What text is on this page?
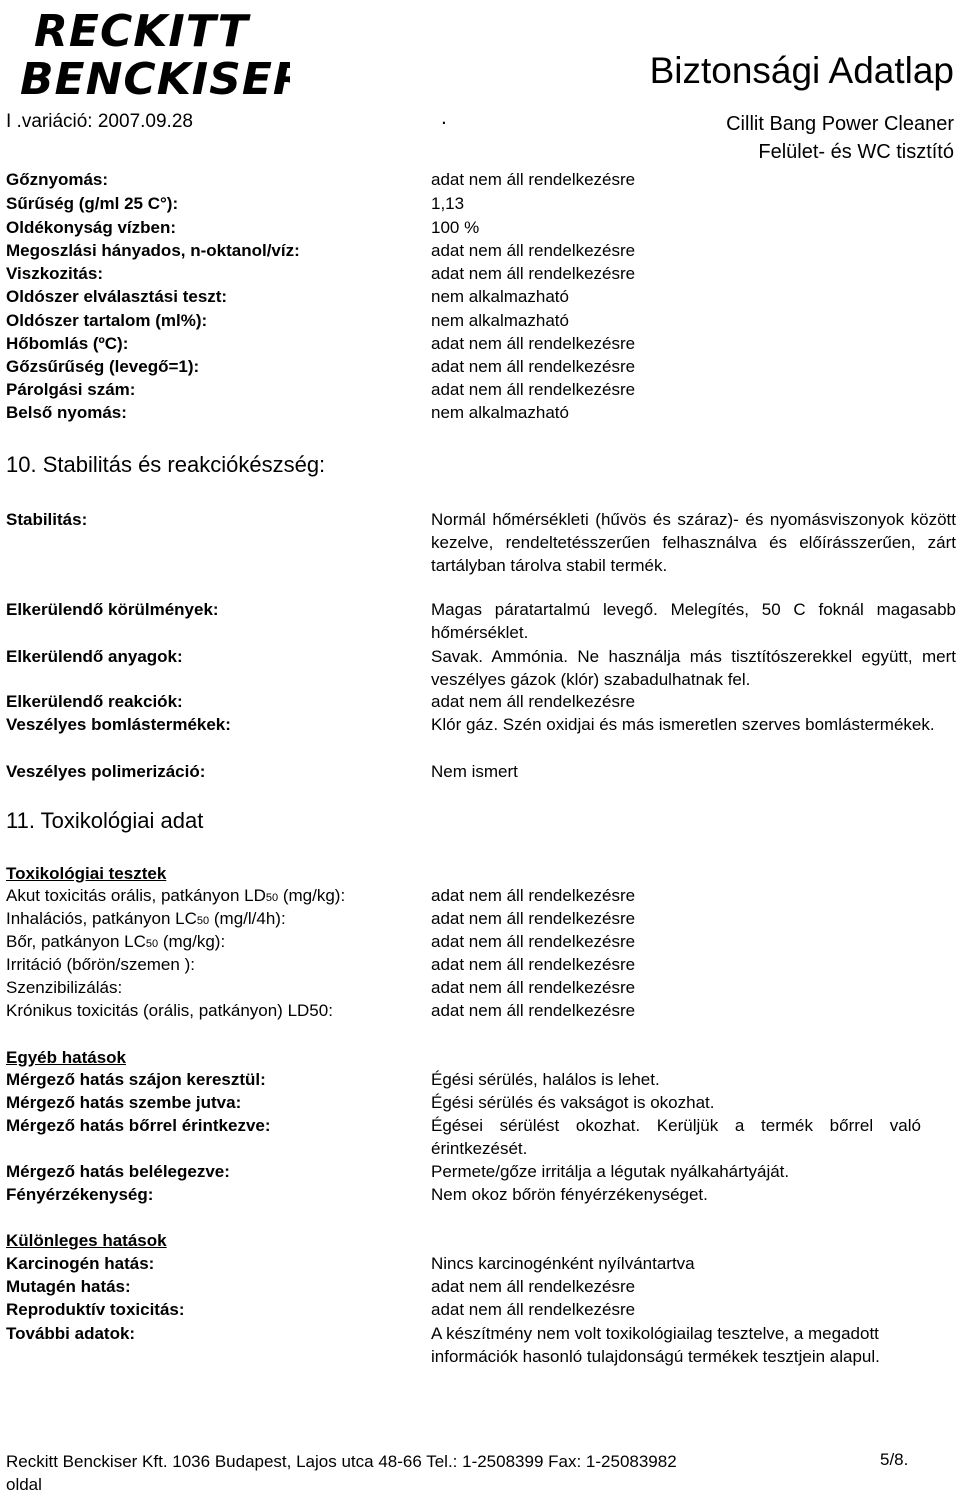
RECKITT
BENCKISER	Biztonsági Adatlap
I .variáció: 2007.09.28	.	Cillit Bang Power Cleaner
Felület- és WC tisztító
Gőznyomás:	adat nem áll rendelkezésre
Sűrűség (g/ml 25 C°):	1,13
Oldékonyság vízben:	100 %
Megoszlási hányados, n-oktanol/víz:	adat nem áll rendelkezésre
Viszkozitás:	adat nem áll rendelkezésre
Oldószer elválasztási teszt:	nem alkalmazható
Oldószer tartalom (ml%):	nem alkalmazható
Hőbomlás (ºC):	adat nem áll rendelkezésre
Gőzsűrűség (levegő=1):	adat nem áll rendelkezésre
Párolgási szám:	adat nem áll rendelkezésre
Belső nyomás:	nem alkalmazható
10. Stabilitás és reakciókészség:
Stabilitás:	Normál hőmérsékleti (hűvös és száraz)- és nyomásviszonyok között kezelve, rendeltetésszerűen felhasználva és előírásszerűen, zárt tartályban tárolva stabil termék.
Elkerülendő körülmények:	Magas páratartalmú levegő. Melegítés, 50 C foknál magasabb hőmérséklet.
Elkerülendő anyagok:	Savak. Ammónia. Ne használja más tisztítószerekkel együtt, mert veszélyes gázok (klór) szabadulhatnak fel.
Elkerülendő reakciók:	adat nem áll rendelkezésre
Veszélyes bomlástermékek:	Klór gáz. Szén oxidjai és más ismeretlen szerves bomlástermékek.
Veszélyes polimerizáció:	Nem ismert
11. Toxikológiai adat
Toxikológiai tesztek
Akut toxicitás orális, patkányon LD50 (mg/kg):	adat nem áll rendelkezésre
Inhalációs, patkányon LC50 (mg/l/4h):	adat nem áll rendelkezésre
Bőr, patkányon LC50 (mg/kg):	adat nem áll rendelkezésre
Irritáció (bőrön/szemen ):	adat nem áll rendelkezésre
Szenzibilizálás:	adat nem áll rendelkezésre
Krónikus toxicitás (orális, patkányon) LD50:	adat nem áll rendelkezésre
Egyéb hatások
Mérgező hatás szájon keresztül:	Égési sérülés, halálos is lehet.
Mérgező hatás szembe jutva:	Égési sérülés és vakságot is okozhat.
Mérgező hatás bőrrel érintkezve:	Égései sérülést okozhat. Kerüljük a termék bőrrel való érintkezését.
Mérgező hatás belélegezve:	Permete/gőze irritálja a légutak nyálkahártyáját.
Fényérzékenység:	Nem okoz bőrön fényérzékenységet.
Különleges hatások
Karcinogén hatás:	Nincs karcinogénként nyílvántartva
Mutagén hatás:	adat nem áll rendelkezésre
Reproduktív toxicitás:	adat nem áll rendelkezésre
További adatok:	A készítmény nem volt toxikológiailag tesztelve, a megadott információk hasonló tulajdonságú termékek tesztjein alapul.
Reckitt Benckiser Kft. 1036 Budapest, Lajos utca 48-66 Tel.: 1-2508399 Fax: 1-25083982
oldal
5/8.
